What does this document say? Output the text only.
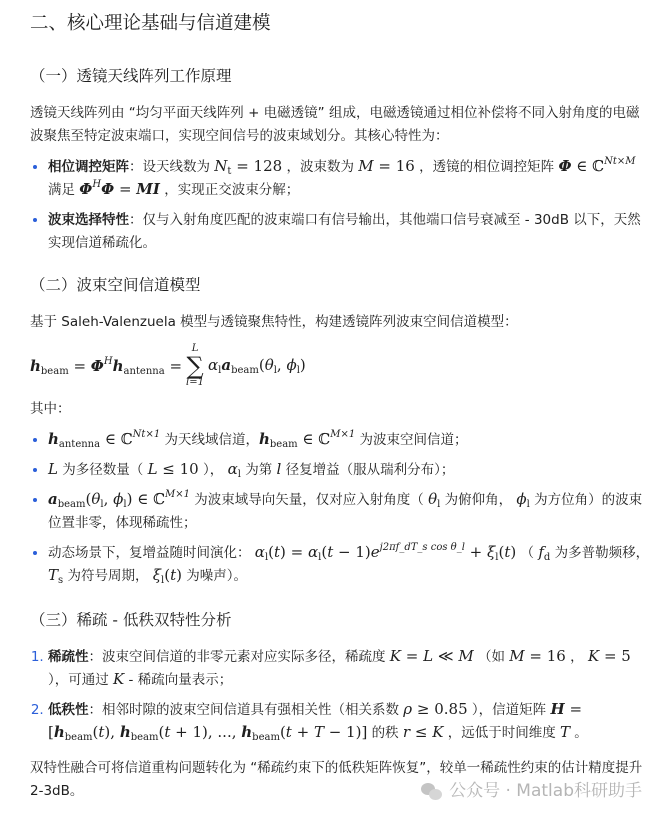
二、核心理论基础与信道建模
（一）透镜天线阵列工作原理

透镜天线阵列由 “均匀平面天线阵列 + 电磁透镜” 组成，电磁透镜通过相位补偿将不同入射角度的电磁波聚焦至特定波束端口，实现空间信号的波束域划分。其核心特性为：

• 相位调控矩阵：设天线数为 $N_t = 128$ ，波束数为 M = 16 ，透镜的相位调控矩阵 Φ ∈ ℂ$^{Nt\times M}$ 满足 $\Phi^H\Phi$ = MI ，实现正交波束分解；
• 波束选择特性：仅与入射角度匹配的波束端口有信号输出，其他端口信号衰减至 - 30dB 以下，天然实现信道稀疏化。
（二）波束空间信道模型

基于 Saleh-Valenzuela 模型与透镜聚焦特性，构建透镜阵列波束空间信道模型：

$h_{beam} = \Phi^Hh_{antenna}$ =
L
∑
l=1
$\alpha_la_{beam}(\theta_l$, $\phi_l$)

其中：

• $h_{antenna}$ ∈ ℂ$^{Nt\times 1}$ 为天线域信道，$h_{beam}$ ∈ ℂ$^{M\times 1}$ 为波束空间信道；
• L 为多径数量（ L ≤ 10 ）， $\alpha_l$ 为第 l 径复增益（服从瑞利分布）；
• $a_{beam}(\theta_l$, $\phi_l$) ∈ ℂ$^{M\times 1}$ 为波束域导向矢量，仅对应入射角度（ $\theta_l$ 为俯仰角， $\phi_l$ 为方位角）的波束位置非零，体现稀疏性；
• 动态场景下，复增益随时间演化： $\alpha_l(t) = \alpha_l(t - 1)e^{j2\pi f\_dT\_s cos \theta\_l} + \xi_l(t)$ （ $f_d$ 为多普勒频移， $T_s$ 为符号周期， $\xi_l(t)$ 为噪声）。
（三）稀疏 - 低秩双特性分析
1. 稀疏性：波束空间信道的非零元素对应实际多径，稀疏度 K = L ≪ M （如 M = 16 ， K = 5 ），可通过 K - 稀疏向量表示；
2. 低秩性：相邻时隙的波束空间信道具有强相关性（相关系数 ρ ≥ 0.85 ），信道矩阵 $H = [h_{beam}(t)$, $h_{beam}(t + 1)$, ..., $h_{beam}(t + T - 1)$] 的秩 r ≤ K ，远低于时间维度 T 。

双特性融合可将信道重构问题转化为 “稀疏约束下的低秩矩阵恢复”，较单一稀疏性约束的估计精度提升 2-3dB。	公众号 · Matlab科研助手
